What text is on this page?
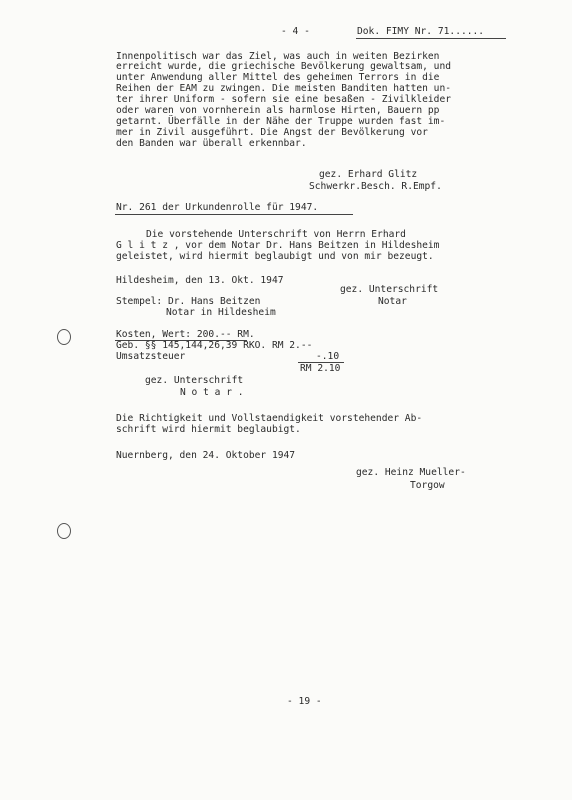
- 4 -	Dok. FIMY Nr. 71......
Innenpolitisch war das Ziel, was auch in weiten Bezirken
erreicht wurde, die griechische Bevölkerung gewaltsam, und
unter Anwendung aller Mittel des geheimen Terrors in die
Reihen der EAM zu zwingen. Die meisten Banditen hatten un-
ter ihrer Uniform - sofern sie eine besaßen - Zivilkleider
oder waren von vornherein als harmlose Hirten, Bauern pp
getarnt. Überfälle in der Nähe der Truppe wurden fast im-
mer in Zivil ausgeführt. Die Angst der Bevölkerung vor
den Banden war überall erkennbar.
gez. Erhard Glitz
Schwerkr.Besch. R.Empf.
Nr. 261 der Urkundenrolle für 1947.
Die vorstehende Unterschrift von Herrn Erhard
G l i t z , vor dem Notar Dr. Hans Beitzen in Hildesheim
geleistet, wird hiermit beglaubigt und von mir bezeugt.
Hildesheim, den 13. Okt. 1947
gez. Unterschrift
Notar
Stempel: Dr. Hans Beitzen
Notar in Hildesheim
Kosten, Wert: 200.-- RM.
Geb. §§ 145,144,26,39 RKO. RM 2.--
Umsatzsteuer	-.10
RM 2.10
gez. Unterschrift
N o t a r .
Die Richtigkeit und Vollstaendigkeit vorstehender Ab-
schrift wird hiermit beglaubigt.
Nuernberg, den 24. Oktober 1947
gez. Heinz Mueller-
Torgow
- 19 -
